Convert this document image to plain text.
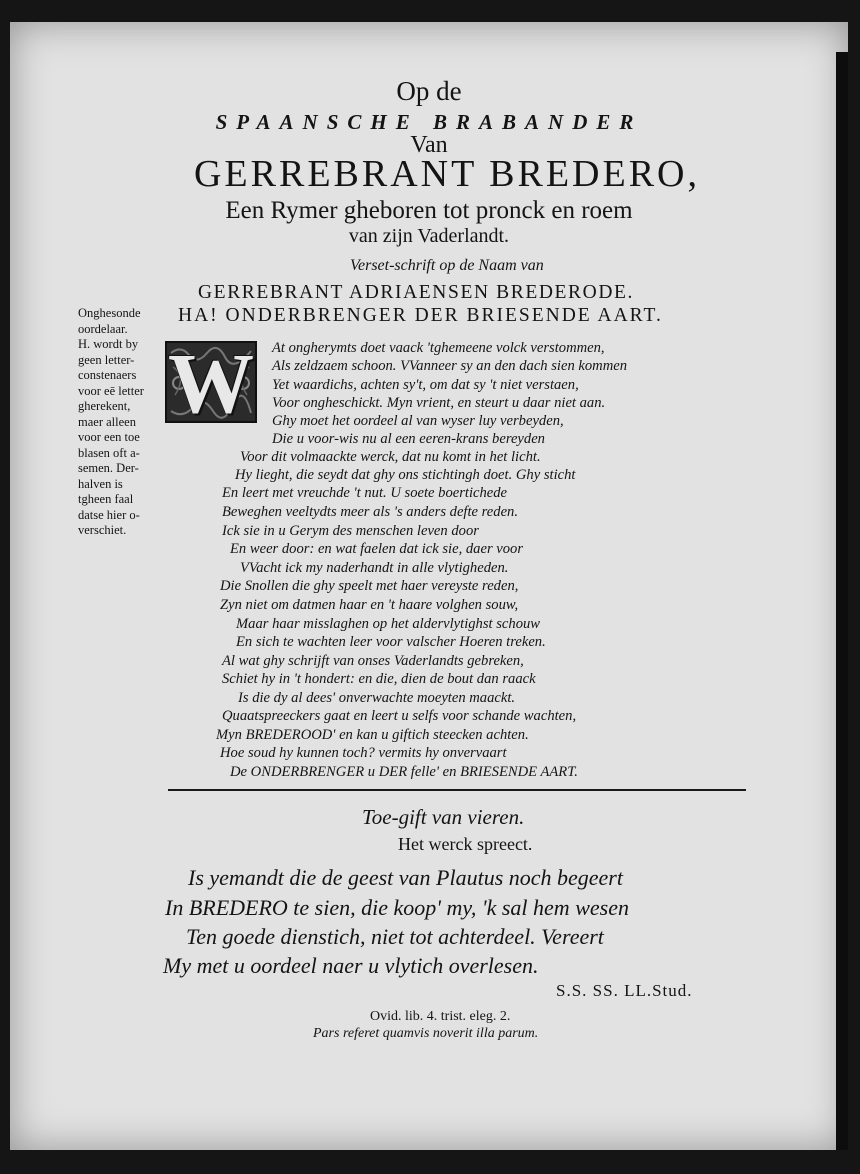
Op de
SPAANSCHE BRABANDER
Van
GERREBRANT BREDERO,
Een Rymer gheboren tot pronck en roem
van zijn Vaderlandt.
Verset-schrift op de Naam van
GERREBRANT ADRIAENSEN BREDERODE.
HA! ONDERBRENGER DER BRIESENDE AART.
Onghesonde
oordelaar.
H. wordt by
geen letter-
constenaers
voor eē letter
gherekent,
maer alleen
voor een toe
blasen oft a-
semen. Der-
halven is
tgheen faal
datse hier o-
verschiet.
W At ongherymts doet vaack 'tghemeene volck verstommen,
Als zeldzaem schoon. VVanneer sy an den dach sien kommen
Yet waardichs, achten sy't, om dat sy 't niet verstaen,
Voor ongheschickt. Myn vrient, en steurt u daar niet aan.
Ghy moet het oordeel al van wyser luy verbeyden,
Die u voor-wis nu al een eeren-krans bereyden
Voor dit volmaackte werck, dat nu komt in het licht.
Hy lieght, die seydt dat ghy ons stichtingh doet. Ghy sticht
En leert met vreuchde 't nut. U soete boertichede
Beweghen veeltydts meer als 's anders defte reden.
Ick sie in u Gerym des menschen leven door
En weer door: en wat faelen dat ick sie, daer voor
VVacht ick my naderhandt in alle vlytigheden.
Die Snollen die ghy speelt met haer vereyste reden,
Zyn niet om datmen haar en 't haare volghen souw,
Maar haar misslaghen op het aldervlytighst schouw
En sich te wachten leer voor valscher Hoeren treken.
Al wat ghy schrijft van onses Vaderlandts gebreken,
Schiet hy in 't hondert: en die, dien de bout dan raack
Is die dy al dees' onverwachte moeyten maackt.
Quaatspreeckers gaat en leert u selfs voor schande wachten,
Myn BREDEROOD' en kan u giftich steecken achten.
Hoe soud hy kunnen toch? vermits hy onvervaart
De ONDERBRENGER u DER felle' en BRIESENDE AART.
Toe-gift van vieren.
Het werck spreect.
Is yemandt die de geest van Plautus noch begeert
In BREDERO te sien, die koop' my, 'k sal hem wesen
Ten goede dienstich, niet tot achterdeel. Vereert
My met u oordeel naer u vlytich overlesen.
S.S. SS. LL.Stud.
Ovid. lib. 4. trist. eleg. 2.
Pars referet quamvis noverit illa parum.
